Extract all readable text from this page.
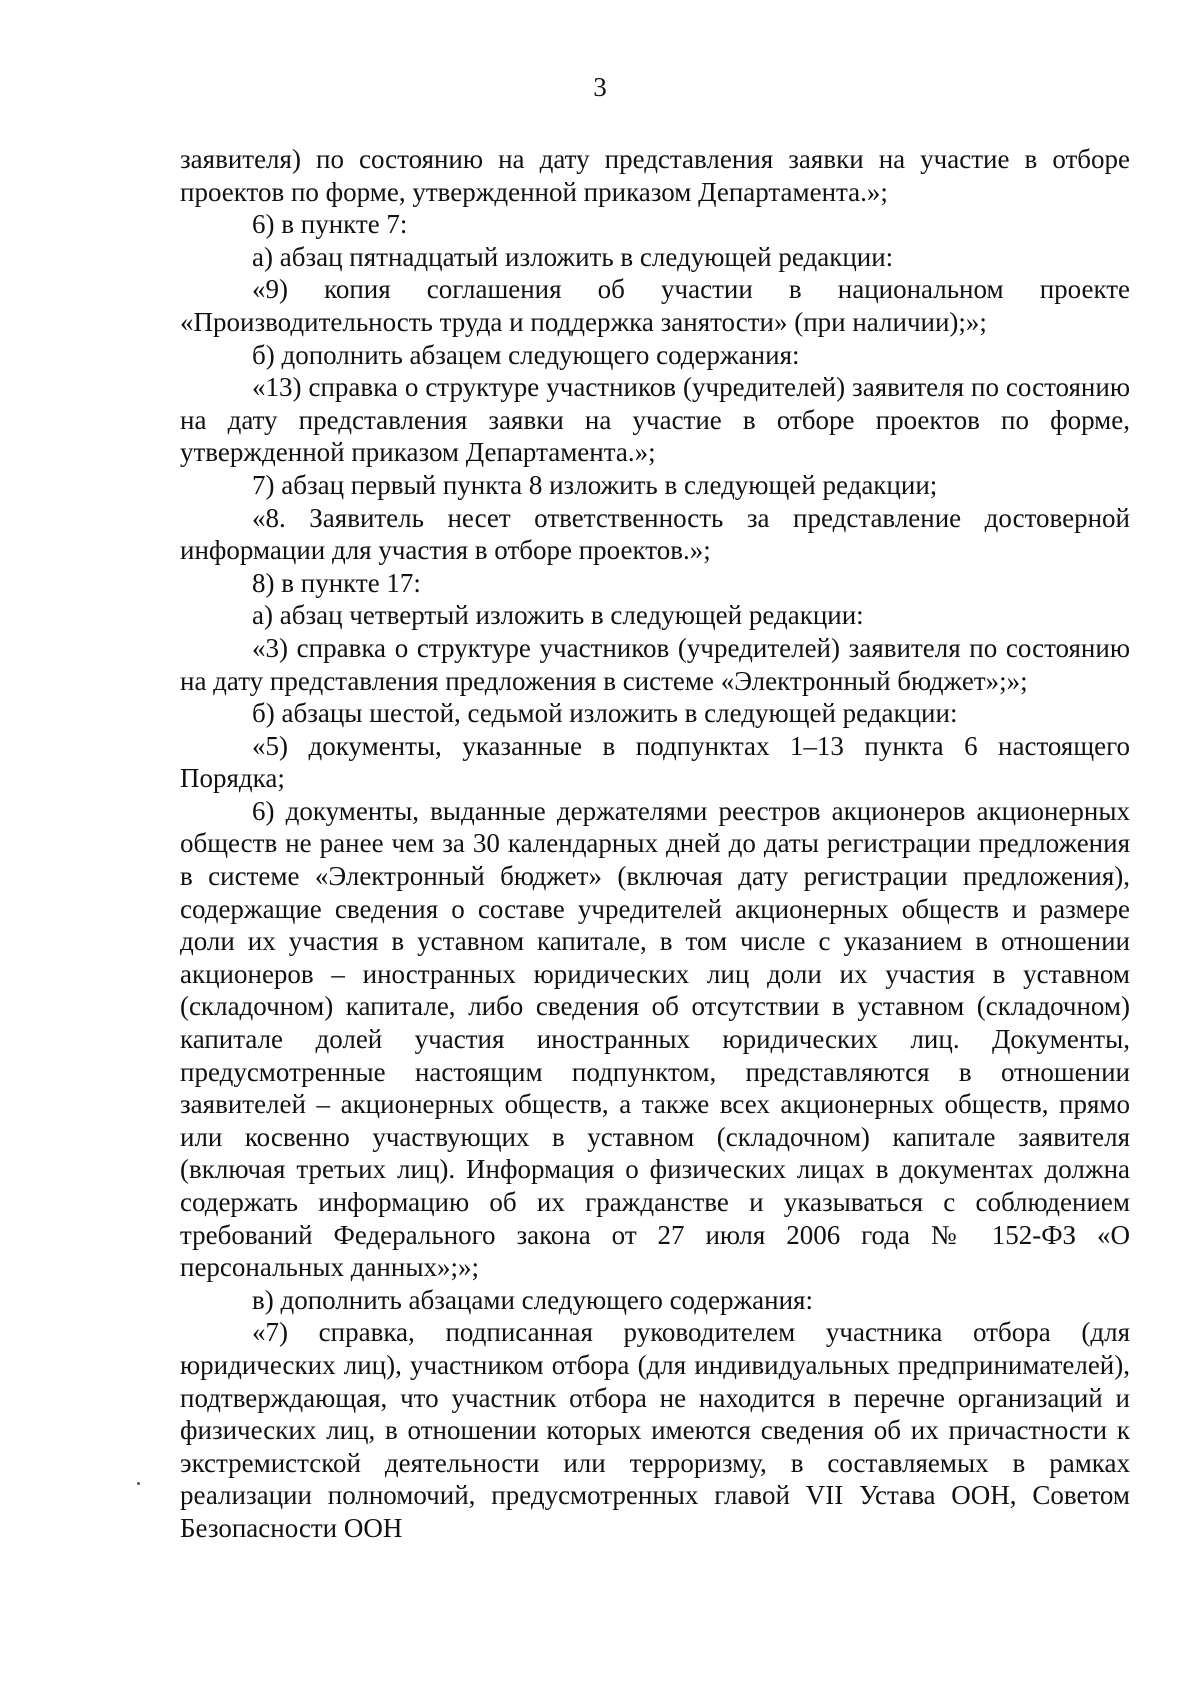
3

заявителя) по состоянию на дату представления заявки на участие в отборе проектов по форме, утвержденной приказом Департамента.»;

6) в пункте 7:

а) абзац пятнадцатый изложить в следующей редакции:

«9) копия соглашения об участии в национальном проекте «Производительность труда и поддержка занятости» (при наличии);»;

б) дополнить абзацем следующего содержания:

«13) справка о структуре участников (учредителей) заявителя по состоянию на дату представления заявки на участие в отборе проектов по форме, утвержденной приказом Департамента.»;

7) абзац первый пункта 8 изложить в следующей редакции;

«8. Заявитель несет ответственность за представление достоверной информации для участия в отборе проектов.»;

8) в пункте 17:

а) абзац четвертый изложить в следующей редакции:

«3) справка о структуре участников (учредителей) заявителя по состоянию на дату представления предложения в системе «Электронный бюджет»;»;

б) абзацы шестой, седьмой изложить в следующей редакции:

«5) документы, указанные в подпунктах 1–13 пункта 6 настоящего Порядка;

6) документы, выданные держателями реестров акционеров акционерных обществ не ранее чем за 30 календарных дней до даты регистрации предложения в системе «Электронный бюджет» (включая дату регистрации предложения), содержащие сведения о составе учредителей акционерных обществ и размере доли их участия в уставном капитале, в том числе с указанием в отношении акционеров – иностранных юридических лиц доли их участия в уставном (складочном) капитале, либо сведения об отсутствии в уставном (складочном) капитале долей участия иностранных юридических лиц. Документы, предусмотренные настоящим подпунктом, представляются в отношении заявителей – акционерных обществ, а также всех акционерных обществ, прямо или косвенно участвующих в уставном (складочном) капитале заявителя (включая третьих лиц). Информация о физических лицах в документах должна содержать информацию об их гражданстве и указываться с соблюдением требований Федерального закона от 27 июля 2006 года № 152-ФЗ «О персональных данных»;»;

в) дополнить абзацами следующего содержания:

«7) справка, подписанная руководителем участника отбора (для юридических лиц), участником отбора (для индивидуальных предпринимателей), подтверждающая, что участник отбора не находится в перечне организаций и физических лиц, в отношении которых имеются сведения об их причастности к экстремистской деятельности или терроризму, в составляемых в рамках реализации полномочий, предусмотренных главой VII Устава ООН, Советом Безопасности ООН
